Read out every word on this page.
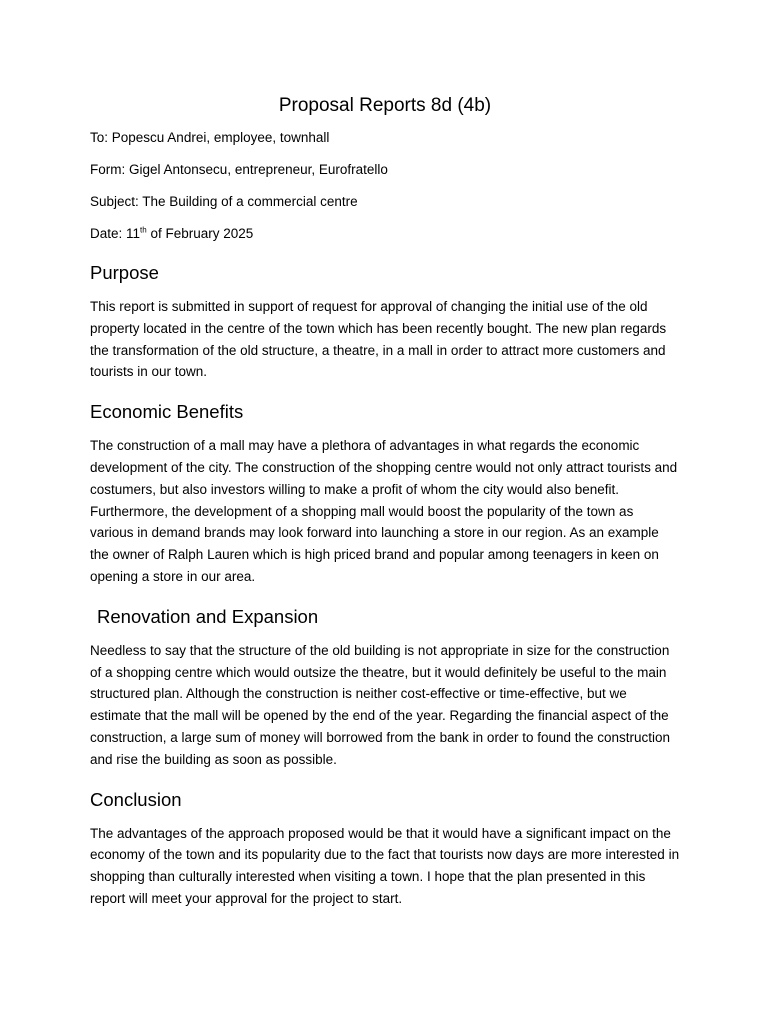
Proposal Reports 8d (4b)

To: Popescu Andrei, employee, townhall

Form: Gigel Antonsecu, entrepreneur, Eurofratello

Subject: The Building of a commercial centre

Date: 11th of February 2025

Purpose

This report is submitted in support of request for approval of changing the initial use of the old property located in the centre of the town which has been recently bought. The new plan regards the transformation of the old structure, a theatre, in a mall in order to attract more customers and tourists in our town.

Economic Benefits

The construction of a mall may have a plethora of advantages in what regards the economic development of the city. The construction of the shopping centre would not only attract tourists and costumers, but also investors willing to make a profit of whom the city would also benefit. Furthermore, the development of a shopping mall would boost the popularity of the town as various in demand brands may look forward into launching a store in our region. As an example the owner of Ralph Lauren which is high priced brand and popular among teenagers in keen on opening a store in our area.

Renovation and Expansion

Needless to say that the structure of the old building is not appropriate in size for the construction of a shopping centre which would outsize the theatre, but it would definitely be useful to the main structured plan. Although the construction is neither cost-effective or time-effective, but we estimate that the mall will be opened by the end of the year. Regarding the financial aspect of the construction, a large sum of money will borrowed from the bank in order to found the construction and rise the building as soon as possible.

Conclusion

The advantages of the approach proposed would be that it would have a significant impact on the economy of the town and its popularity due to the fact that tourists now days are more interested in shopping than culturally interested when visiting a town. I hope that the plan presented in this report will meet your approval for the project to start.
